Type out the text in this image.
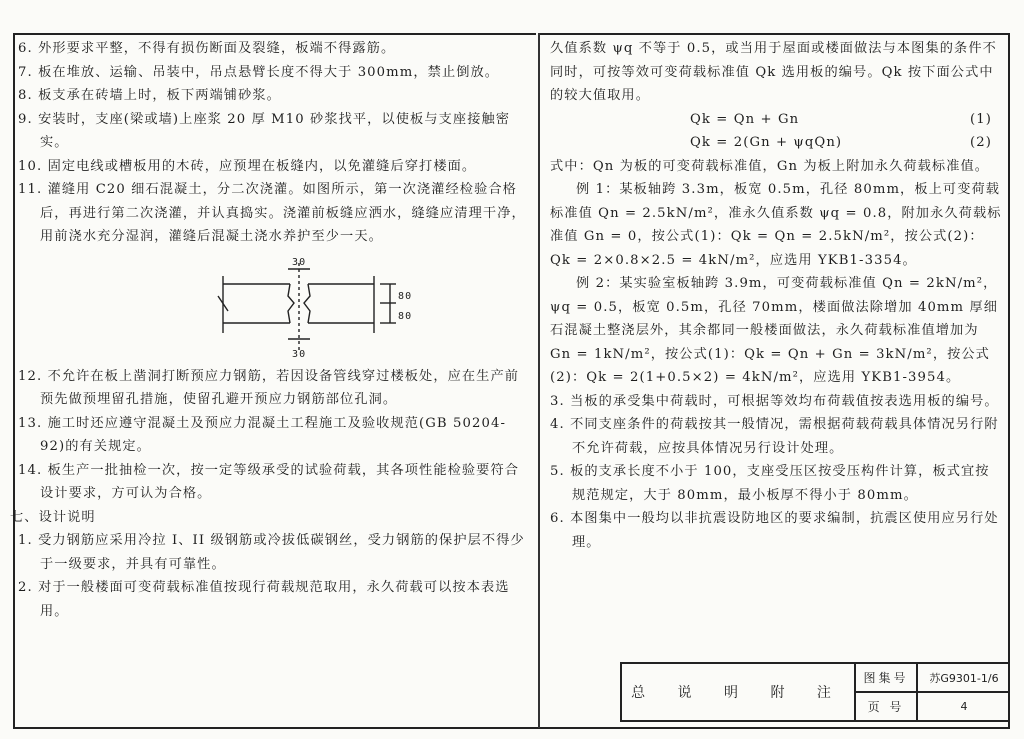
6. 外形要求平整，不得有损伤断面及裂缝，板端不得露筋。

7. 板在堆放、运输、吊装中，吊点悬臂长度不得大于 300mm，禁止倒放。

8. 板支承在砖墙上时，板下两端铺砂浆。

9. 安装时，支座(梁或墙)上座浆 20 厚 M10 砂浆找平，以使板与支座接触密实。

10. 固定电线或槽板用的木砖，应预埋在板缝内，以免灌缝后穿打楼面。

11. 灌缝用 C20 细石混凝土，分二次浇灌。如图所示，第一次浇灌经检验合格后，再进行第二次浇灌，并认真捣实。浇灌前板缝应洒水，缝缝应清理干净，用前浇水充分湿润，灌缝后混凝土浇水养护至少一天。

30
80
80
30

12. 不允许在板上凿洞打断预应力钢筋，若因设备管线穿过楼板处，应在生产前预先做预埋留孔措施，使留孔避开预应力钢筋部位孔洞。

13. 施工时还应遵守混凝土及预应力混凝土工程施工及验收规范(GB 50204-92)的有关规定。

14. 板生产一批抽检一次，按一定等级承受的试验荷载，其各项性能检验要符合设计要求，方可认为合格。

七、设计说明

1. 受力钢筋应采用冷拉 I、II 级钢筋或冷拔低碳钢丝，受力钢筋的保护层不得少于一级要求，并具有可靠性。

2. 对于一般楼面可变荷载标准值按现行荷载规范取用，永久荷载可以按本表选用。

久值系数 ψq 不等于 0.5，或当用于屋面或楼面做法与本图集的条件不同时，可按等效可变荷载标准值 Qk 选用板的编号。Qk 按下面公式中的较大值取用。

Qk = Qn + Gn	(1)

Qk = 2(Gn + ψqQn)	(2)

式中：Qn 为板的可变荷载标准值，Gn 为板上附加永久荷载标准值。

例 1：某板轴跨 3.3m，板宽 0.5m，孔径 80mm，板上可变荷载标准值 Qn = 2.5kN/m²，准永久值系数 ψq = 0.8，附加永久荷载标准值 Gn = 0，按公式(1)：Qk = Qn = 2.5kN/m²，按公式(2)：Qk = 2×0.8×2.5 = 4kN/m²，应选用 YKB1-3354。

例 2：某实验室板轴跨 3.9m，可变荷载标准值 Qn = 2kN/m²，ψq = 0.5，板宽 0.5m，孔径 70mm，楼面做法除增加 40mm 厚细石混凝土整浇层外，其余都同一般楼面做法，永久荷载标准值增加为 Gn = 1kN/m²，按公式(1)：Qk = Qn + Gn = 3kN/m²，按公式(2)：Qk = 2(1+0.5×2) = 4kN/m²，应选用 YKB1-3954。

3. 当板的承受集中荷载时，可根据等效均布荷载值按表选用板的编号。

4. 不同支座条件的荷载按其一般情况，需根据荷载荷载具体情况另行附不允许荷载，应按具体情况另行设计处理。

5. 板的支承长度不小于 100，支座受压区按受压构件计算，板式宜按规范规定，大于 80mm，最小板厚不得小于 80mm。

6. 本图集中一般均以非抗震设防地区的要求编制，抗震区使用应另行处理。

总 说 明 附 注
图集号	苏G9301-1/6
页 号	4
